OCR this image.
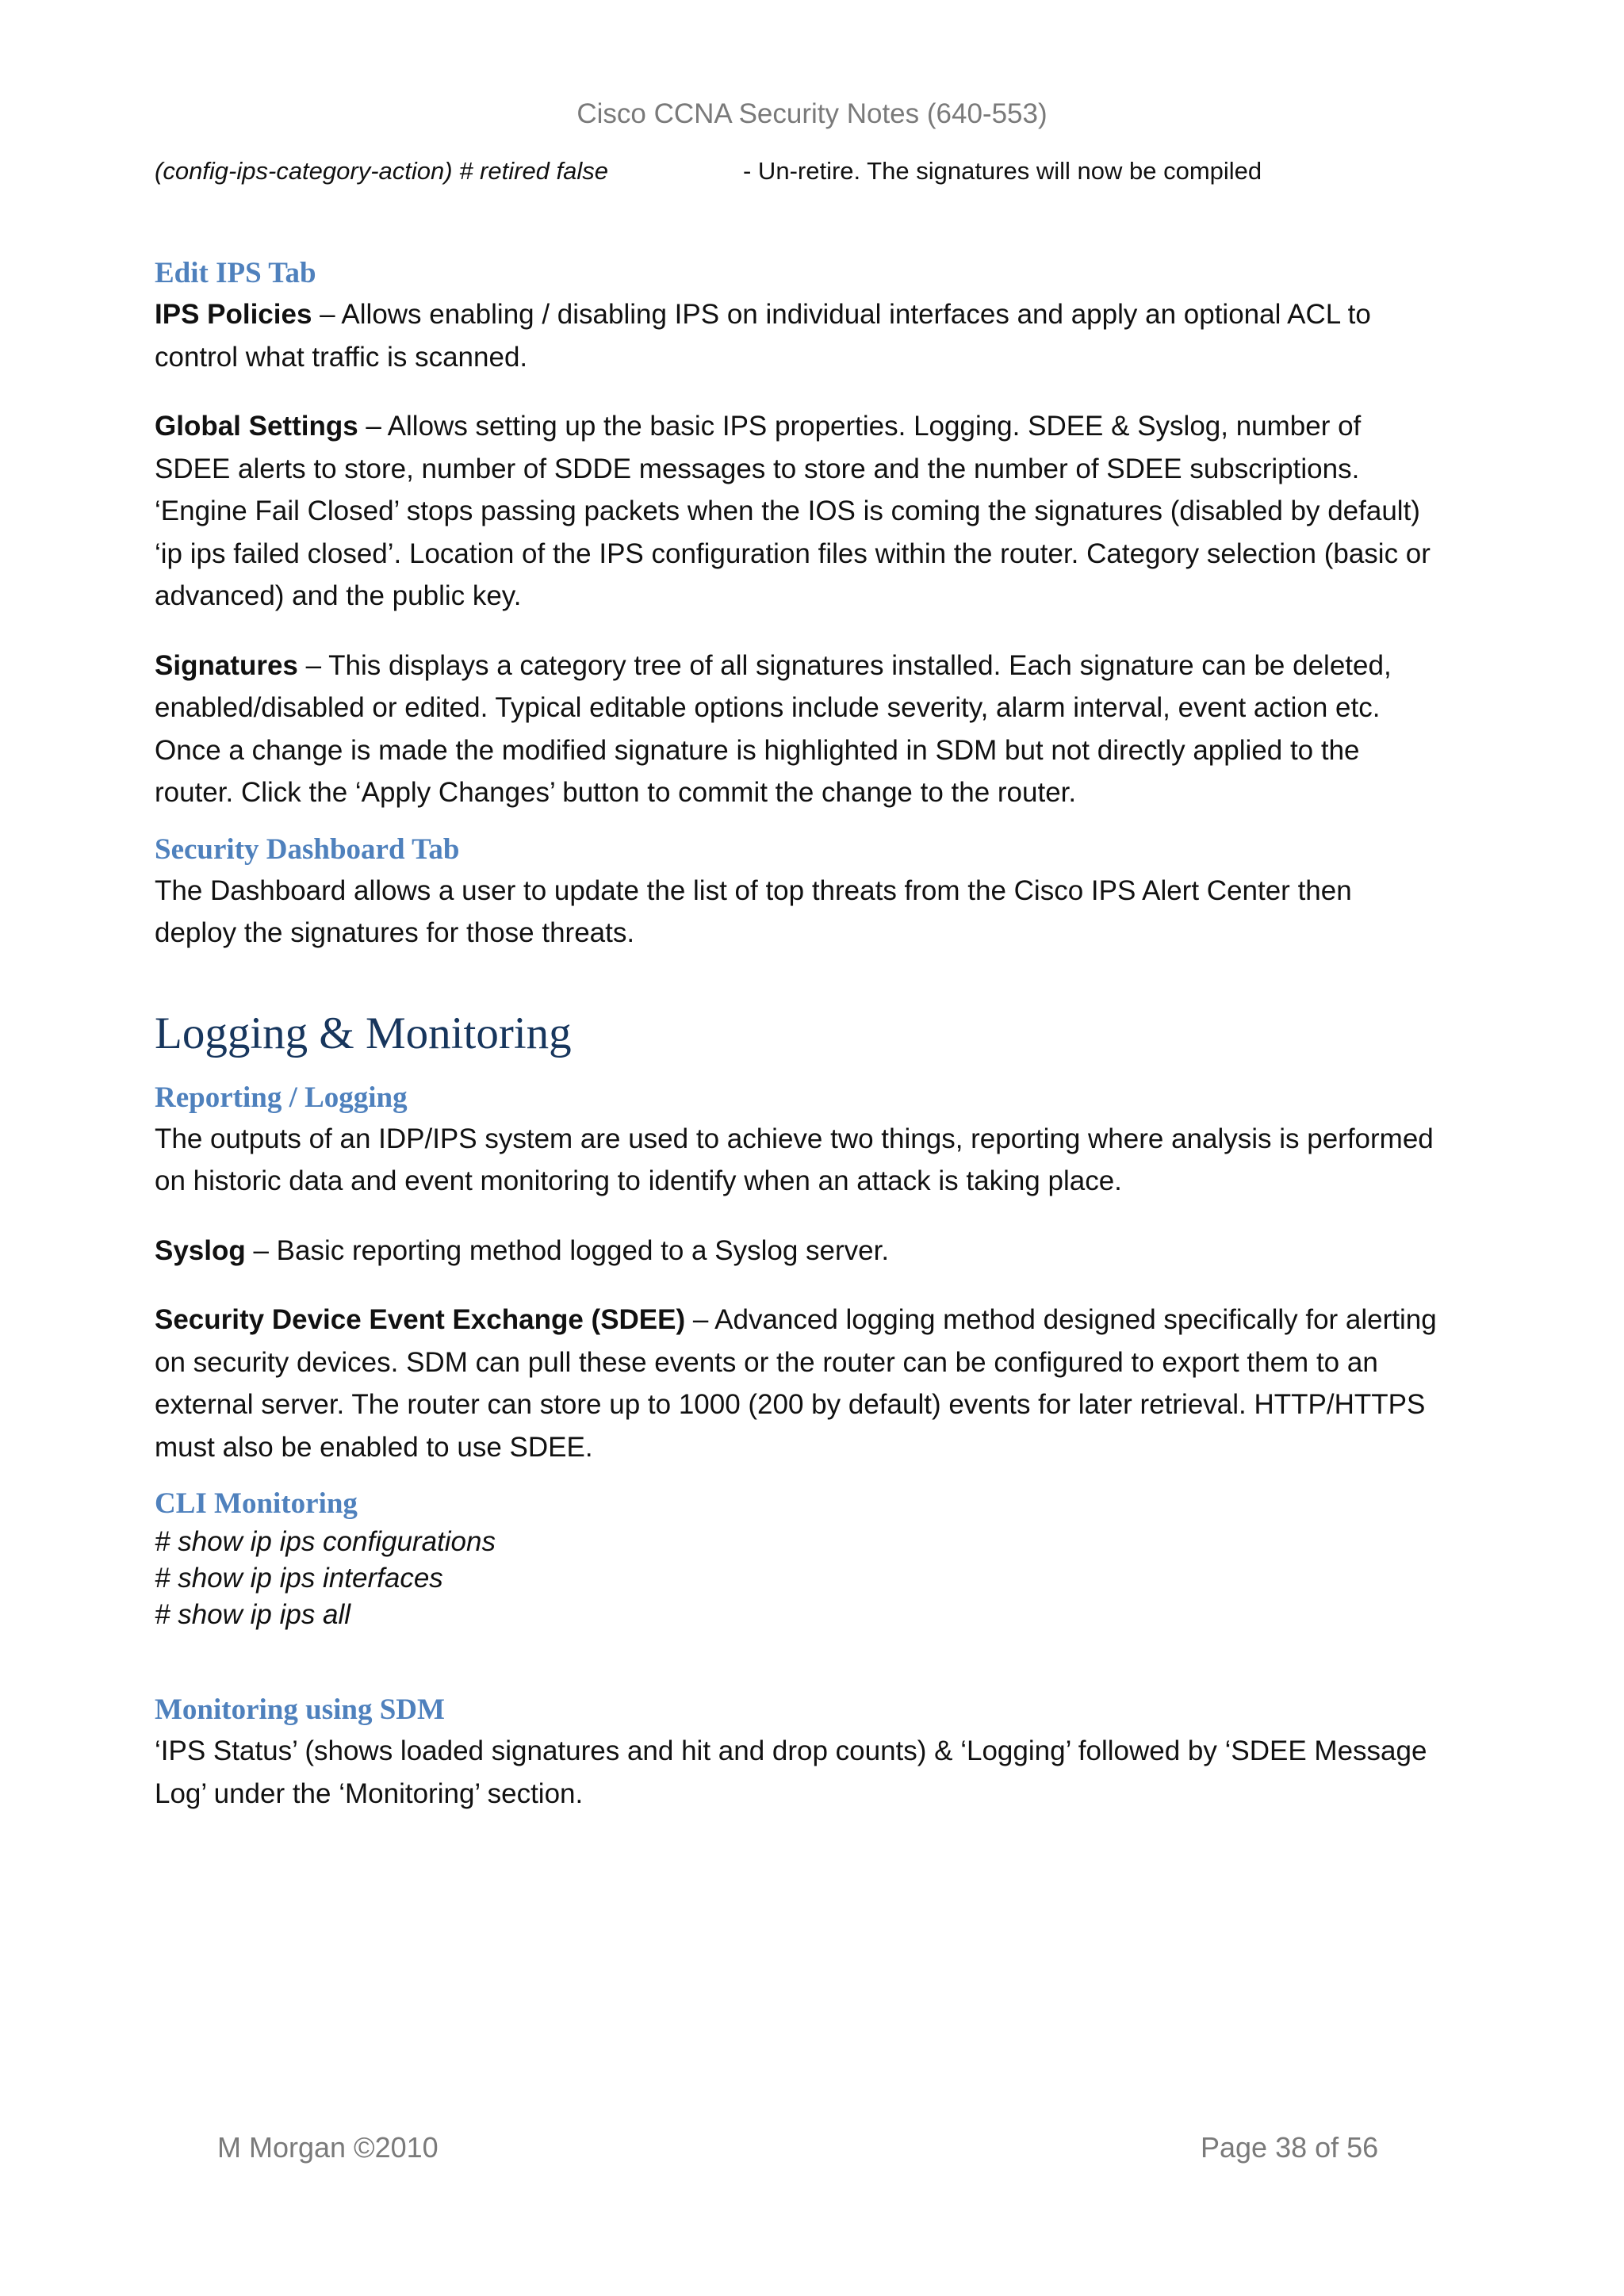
Cisco CCNA Security Notes (640-553)
(config-ips-category-action) # retired false	- Un-retire. The signatures will now be compiled
Edit IPS Tab

IPS Policies – Allows enabling / disabling IPS on individual interfaces and apply an optional ACL to control what traffic is scanned.

Global Settings – Allows setting up the basic IPS properties. Logging. SDEE & Syslog, number of SDEE alerts to store, number of SDDE messages to store and the number of SDEE subscriptions. ‘Engine Fail Closed’ stops passing packets when the IOS is coming the signatures (disabled by default) ‘ip ips failed closed’. Location of the IPS configuration files within the router. Category selection (basic or advanced) and the public key.

Signatures – This displays a category tree of all signatures installed. Each signature can be deleted, enabled/disabled or edited. Typical editable options include severity, alarm interval, event action etc. Once a change is made the modified signature is highlighted in SDM but not directly applied to the router. Click the ‘Apply Changes’ button to commit the change to the router.

Security Dashboard Tab

The Dashboard allows a user to update the list of top threats from the Cisco IPS Alert Center then deploy the signatures for those threats.

Logging & Monitoring
Reporting / Logging

The outputs of an IDP/IPS system are used to achieve two things, reporting where analysis is performed on historic data and event monitoring to identify when an attack is taking place.

Syslog – Basic reporting method logged to a Syslog server.

Security Device Event Exchange (SDEE) – Advanced logging method designed specifically for alerting on security devices. SDM can pull these events or the router can be configured to export them to an external server. The router can store up to 1000 (200 by default) events for later retrieval. HTTP/HTTPS must also be enabled to use SDEE.

CLI Monitoring
# show ip ips configurations
# show ip ips interfaces
# show ip ips all
Monitoring using SDM

‘IPS Status’ (shows loaded signatures and hit and drop counts) & ‘Logging’ followed by ‘SDEE Message Log’ under the ‘Monitoring’ section.

M Morgan ©2010	Page 38 of 56
